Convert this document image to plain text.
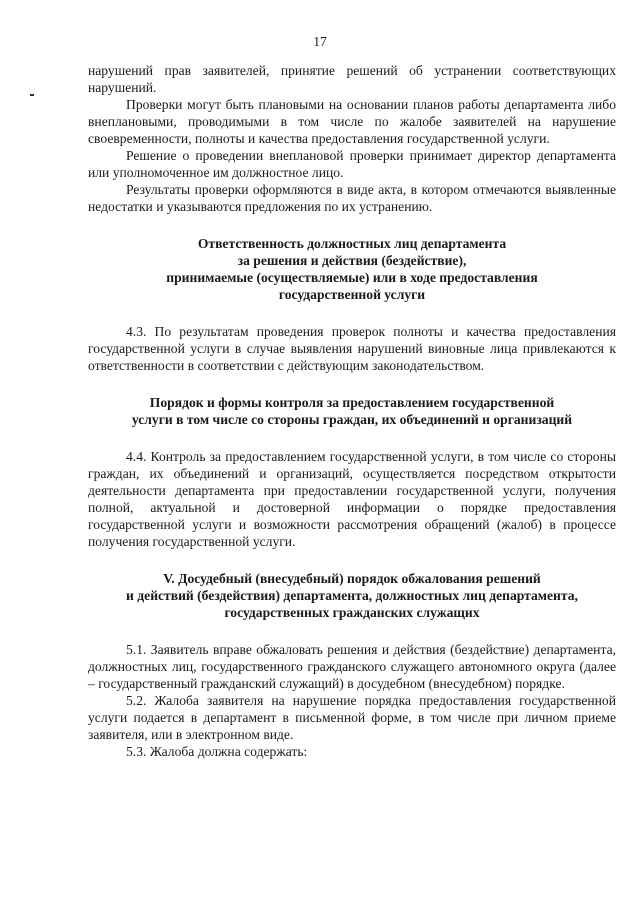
17

нарушений прав заявителей, принятие решений об устранении соответствующих нарушений.

Проверки могут быть плановыми на основании планов работы департамента либо внеплановыми, проводимыми в том числе по жалобе заявителей на нарушение своевременности, полноты и качества предоставления государственной услуги.

Решение о проведении внеплановой проверки принимает директор департамента или уполномоченное им должностное лицо.

Результаты проверки оформляются в виде акта, в котором отмечаются выявленные недостатки и указываются предложения по их устранению.

Ответственность должностных лиц департамента

за решения и действия (бездействие),

принимаемые (осуществляемые) или в ходе предоставления

государственной услуги

4.3. По результатам проведения проверок полноты и качества предоставления государственной услуги в случае выявления нарушений виновные лица привлекаются к ответственности в соответствии с действующим законодательством.

Порядок и формы контроля за предоставлением государственной

услуги в том числе со стороны граждан, их объединений и организаций

4.4. Контроль за предоставлением государственной услуги, в том числе со стороны граждан, их объединений и организаций, осуществляется посредством открытости деятельности департамента при предоставлении государственной услуги, получения полной, актуальной и достоверной информации о порядке предоставления государственной услуги и возможности рассмотрения обращений (жалоб) в процессе получения государственной услуги.

V. Досудебный (внесудебный) порядок обжалования решений

и действий (бездействия) департамента, должностных лиц департамента,

государственных гражданских служащих

5.1. Заявитель вправе обжаловать решения и действия (бездействие) департамента, должностных лиц, государственного гражданского служащего автономного округа (далее – государственный гражданский служащий) в досудебном (внесудебном) порядке.

5.2. Жалоба заявителя на нарушение порядка предоставления государственной услуги подается в департамент в письменной форме, в том числе при личном приеме заявителя, или в электронном виде.

5.3. Жалоба должна содержать:
